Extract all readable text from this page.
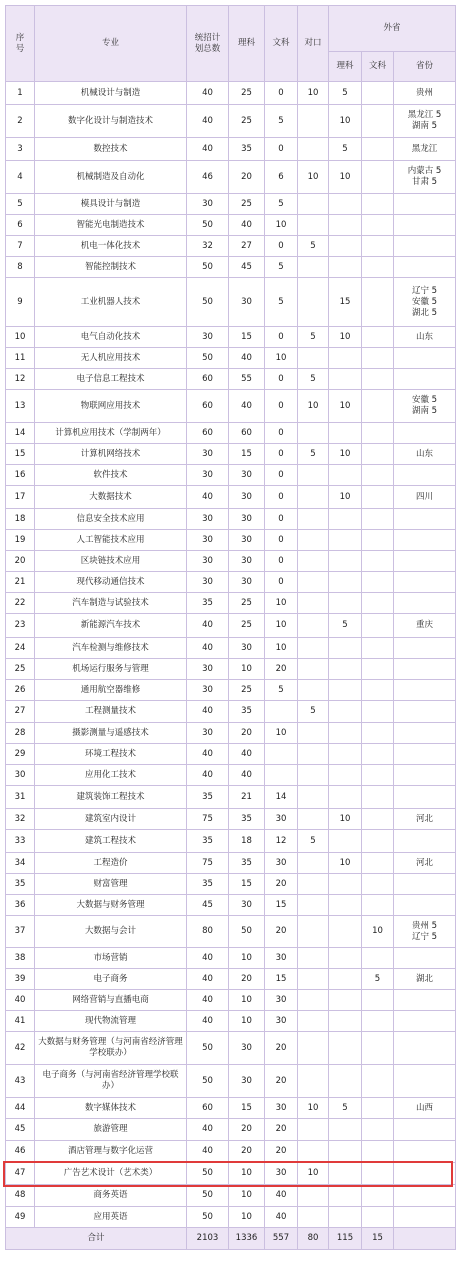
序
号	专业	统招计
划总数	理科	文科	对口	外省		
						理科	文科	省份
1	机械设计与制造	40	25	0	10	5		贵州
2	数字化设计与制造技术	40	25	5		10		黑龙江 5
湖南 5
3	数控技术	40	35	0		5		黑龙江
4	机械制造及自动化	46	20	6	10	10		内蒙古 5
甘肃 5
5	模具设计与制造	30	25	5				
6	智能光电制造技术	50	40	10				
7	机电一体化技术	32	27	0	5			
8	智能控制技术	50	45	5				
9	工业机器人技术	50	30	5		15		辽宁 5
安徽 5
湖北 5
10	电气自动化技术	30	15	0	5	10		山东
11	无人机应用技术	50	40	10				
12	电子信息工程技术	60	55	0	5			
13	物联网应用技术	60	40	0	10	10		安徽 5
湖南 5
14	计算机应用技术（学制两年）	60	60	0				
15	计算机网络技术	30	15	0	5	10		山东
16	软件技术	30	30	0				
17	大数据技术	40	30	0		10		四川
18	信息安全技术应用	30	30	0				
19	人工智能技术应用	30	30	0				
20	区块链技术应用	30	30	0				
21	现代移动通信技术	30	30	0				
22	汽车制造与试验技术	35	25	10				
23	新能源汽车技术	40	25	10		5		重庆
24	汽车检测与维修技术	40	30	10				
25	机场运行服务与管理	30	10	20				
26	通用航空器维修	30	25	5				
27	工程测量技术	40	35		5			
28	摄影测量与遥感技术	30	20	10				
29	环境工程技术	40	40					
30	应用化工技术	40	40					
31	建筑装饰工程技术	35	21	14				
32	建筑室内设计	75	35	30		10		河北
33	建筑工程技术	35	18	12	5			
34	工程造价	75	35	30		10		河北
35	财富管理	35	15	20				
36	大数据与财务管理	45	30	15				
37	大数据与会计	80	50	20			10	贵州 5
辽宁 5
38	市场营销	40	10	30				
39	电子商务	40	20	15			5	湖北
40	网络营销与直播电商	40	10	30				
41	现代物流管理	40	10	30				
42	大数据与财务管理（与河南省经济管理学校联办）	50	30	20				
43	电子商务（与河南省经济管理学校联办）	50	30	20				
44	数字媒体技术	60	15	30	10	5		山西
45	旅游管理	40	20	20				
46	酒店管理与数字化运营	40	20	20				
47	广告艺术设计（艺术类）	50	10	30	10			
48	商务英语	50	10	40				
49	应用英语	50	10	40				
合计		2103	1336	557	80	115	15	
